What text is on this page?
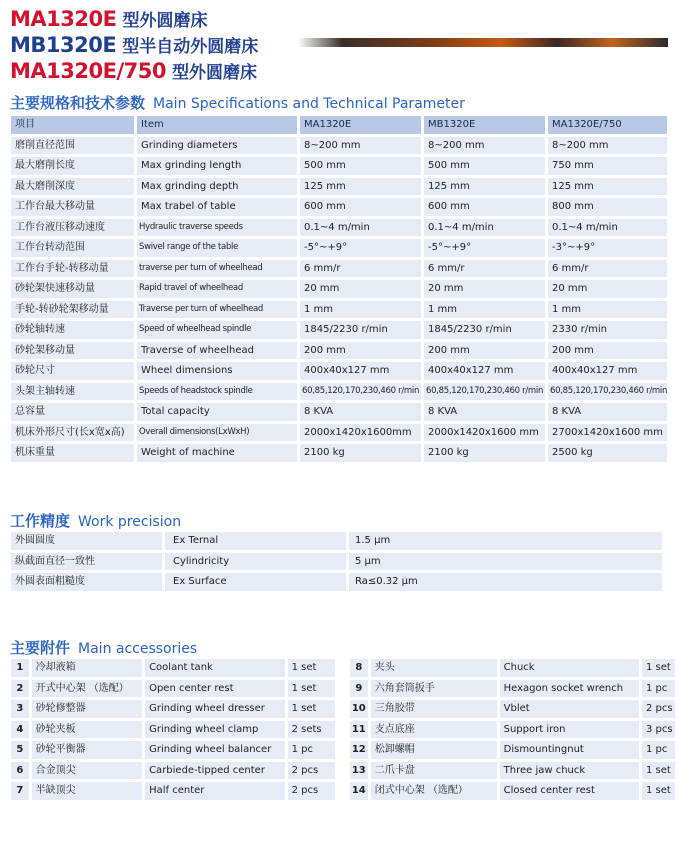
MA1320E 型外圆磨床
MB1320E 型半自动外圆磨床
MA1320E/750 型外圆磨床
主要规格和技术参数 Main Specifications and Technical Parameter
项目	Item	MA1320E	MB1320E	MA1320E/750
磨削直径范围	Grinding diameters	8~200 mm	8~200 mm	8~200 mm
最大磨削长度	Max grinding length	500 mm	500 mm	750 mm
最大磨削深度	Max grinding depth	125 mm	125 mm	125 mm
工作台最大移动量	Max trabel of table	600 mm	600 mm	800 mm
工作台液压移动速度	Hydraulic traverse speeds	0.1~4 m/min	0.1~4 m/min	0.1~4 m/min
工作台转动范围	Swivel range of the table	-5°~+9°	-5°~+9°	-3°~+9°
工作台手轮-转移动量	traverse per turn of wheelhead	6 mm/r	6 mm/r	6 mm/r
砂轮架快速移动量	Rapid travel of wheelhead	20 mm	20 mm	20 mm
手轮-转砂轮架移动量	Traverse per turn of wheelhead	1 mm	1 mm	1 mm
砂轮轴转速	Speed of wheelhead spindle	1845/2230 r/min	1845/2230 r/min	2330 r/min
砂轮架移动量	Traverse of wheelhead	200 mm	200 mm	200 mm
砂轮尺寸	Wheel dimensions	400x40x127 mm	400x40x127 mm	400x40x127 mm
头架主轴转速	Speeds of headstock spindle	60,85,120,170,230,460 r/min	60,85,120,170,230,460 r/min	60,85,120,170,230,460 r/min
总容量	Total capacity	8 KVA	8 KVA	8 KVA
机床外形尺寸(长x宽x高)	Overall dimensions(LxWxH)	2000x1420x1600mm	2000x1420x1600 mm	2700x1420x1600 mm
机床重量	Weight of machine	2100 kg	2100 kg	2500 kg
工作精度 Work precision
外圆圆度	Ex Ternal	1.5 μm
纵截面直径一致性	Cylindricity	5 μm
外圆表面粗糙度	Ex Surface	Ra≤0.32 μm
主要附件 Main accessories
1	冷却液箱	Coolant tank	1 set		8	夹头	Chuck	1 set
2	开式中心架 （选配）	Open center rest	1 set		9	六角套筒扳手	Hexagon socket wrench	1 pc
3	砂轮修整器	Grinding wheel dresser	1 set		10	三角胶带	Vblet	2 pcs
4	砂轮夹板	Grinding wheel clamp	2 sets		11	支点底座	Support iron	3 pcs
5	砂轮平衡器	Grinding wheel balancer	1 pc		12	松卸螺帽	Dismountingnut	1 pc
6	合金顶尖	Carbiede-tipped center	2 pcs		13	二爪卡盘	Three jaw chuck	1 set
7	半缺顶尖	Half center	2 pcs		14	闭式中心架 （选配）	Closed center rest	1 set
